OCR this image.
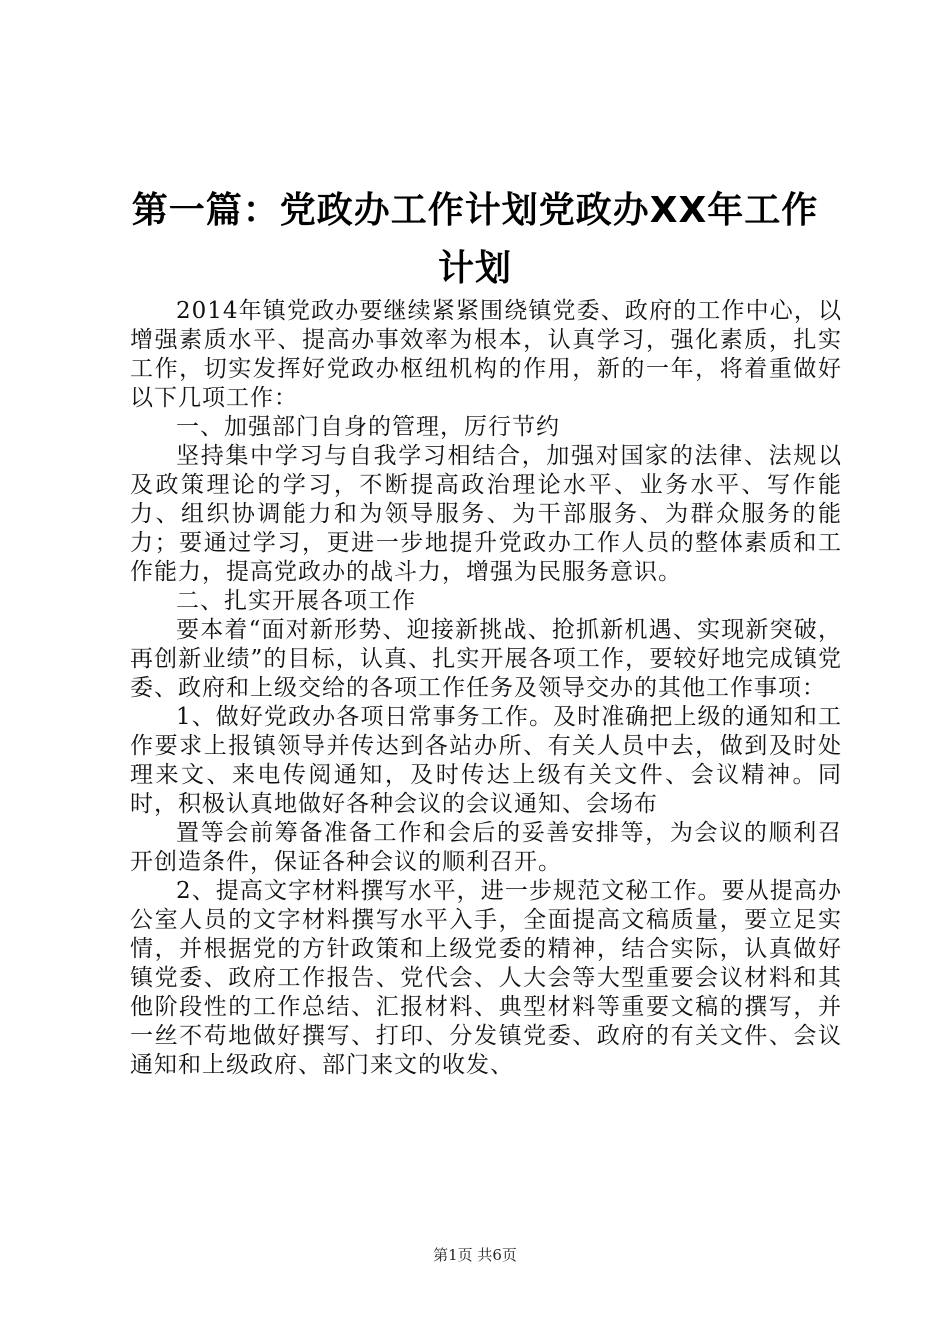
第一篇：党政办工作计划党政办XX年工作计划

2014年镇党政办要继续紧紧围绕镇党委、政府的工作中心，以增强素质水平、提高办事效率为根本，认真学习，强化素质，扎实工作，切实发挥好党政办枢纽机构的作用，新的一年，将着重做好以下几项工作：

一、加强部门自身的管理，厉行节约

坚持集中学习与自我学习相结合，加强对国家的法律、法规以及政策理论的学习，不断提高政治理论水平、业务水平、写作能力、组织协调能力和为领导服务、为干部服务、为群众服务的能力；要通过学习，更进一步地提升党政办工作人员的整体素质和工作能力，提高党政办的战斗力，增强为民服务意识。

二、扎实开展各项工作

要本着“面对新形势、迎接新挑战、抢抓新机遇、实现新突破，再创新业绩”的目标，认真、扎实开展各项工作，要较好地完成镇党委、政府和上级交给的各项工作任务及领导交办的其他工作事项：

1、做好党政办各项日常事务工作。及时准确把上级的通知和工作要求上报镇领导并传达到各站办所、有关人员中去，做到及时处理来文、来电传阅通知，及时传达上级有关文件、会议精神。同时，积极认真地做好各种会议的会议通知、会场布

置等会前筹备准备工作和会后的妥善安排等，为会议的顺利召开创造条件，保证各种会议的顺利召开。

2、提高文字材料撰写水平，进一步规范文秘工作。要从提高办公室人员的文字材料撰写水平入手，全面提高文稿质量，要立足实情，并根据党的方针政策和上级党委的精神，结合实际，认真做好镇党委、政府工作报告、党代会、人大会等大型重要会议材料和其他阶段性的工作总结、汇报材料、典型材料等重要文稿的撰写，并一丝不苟地做好撰写、打印、分发镇党委、政府的有关文件、会议通知和上级政府、部门来文的收发、

第1页 共6页
